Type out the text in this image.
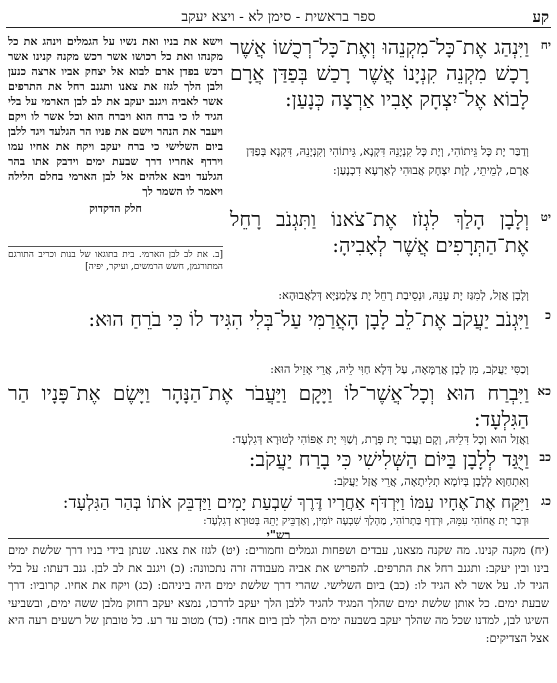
קע
ספר בראשית - סימן לא - ויצא יעקב
וישא את בניו ואת נשיו על הגמלים וינהג את כל מקנהו ואת כל רכושו אשר רכש מקנה קנינו אשר רכש בפדן ארם לבוא אל יצחק אביו ארצה כנען ולבן הלך לגזז את צאנו ותגנב רחל את התרפים אשר לאביה ויגנב יעקב את לב לבן הארמי על בלי הגיד לו כי ברח הוא ויברח הוא וכל אשר לו ויקם ויעבר את הנהר וישם את פניו הר הגלעד ויגד ללבן ביום השלישי כי ברח יעקב ויקח את אחיו עמו וירדף אחריו דרך שבעת ימים וידבק אתו בהר הגלעד ויבא אלהים אל לבן הארמי בחלם הלילה ויאמר לו השמר לך
חלק הדקדוק
[ב. את לב לבן הארמי. בית בתוגאו של בנות וכריב התורגם המתורגמן, חשש הרמשים, ועיקר, יפיה]
יח
וַיִּנְהַג אֶת־כָּל־מִקְנֵהוּ וְאֶת־כָּל־רְכֻשׁוֹ אֲשֶׁר רָכָשׁ מִקְנֵה קִנְיָנוֹ אֲשֶׁר רָכַשׁ בְּפַדַּן אֲרָם לָבוֹא אֶל־יִצְחָק אָבִיו אַרְצָה כְּנָעַן:
וְדַבַּר יָת כָּל גֵּיתוֹהִי, וְיָת כָּל קִנְיָנֵהּ דִּקְנָא, גֵּיתוֹהִי וְקִנְיָנֵהּ, דִּקְנָא בְּפַדַּן אֲרָם, לְמֵיתֵי, לְוָת יִצְחָק אֲבוּהִי לְאַרְעָא דִכְנָעַן:
יט
וְלָבָן הָלַךְ לִגְזֹז אֶת־צֹאנוֹ וַתִּגְנֹב רָחֵל אֶת־הַתְּרָפִים אֲשֶׁר לְאָבִיהָ:
וְלָבָן אֲזַל, לְמִגַּז יָת עָנֵהּ, וּנְסֵיבַת רָחֵל יָת צַלְמַנַּיָּא דְּלַאֲבוּהָא:
כ
וַיִּגְנֹב יַעֲקֹב אֶת־לֵב לָבָן הָאֲרַמִּי עַל־בְּלִי הִגִּיד לוֹ כִּי בֹרֵחַ הוּא:
וְכַסִּי יַעֲקֹב, מִן לָבָן אֲרַמָּאָה, עַל דְּלָא חַוִּי לֵיהּ, אֲרֵי אָזֵיל הוּא:
כא
וַיִּבְרַח הוּא וְכָל־אֲשֶׁר־לוֹ וַיָּקָם וַיַּעֲבֹר אֶת־הַנָּהָר וַיָּשֶׂם אֶת־פָּנָיו הַר הַגִּלְעָד:
וַאֲזַל הוּא וְכָל דִּלֵיהּ, וְקָם וַעֲבַר יָת פְּרָת, וְשַׁוִּי יָת אַפּוֹהִי לְטוּרָא דְּגִלְעָד:
כב
וַיֻּגַּד לְלָבָן בַּיּוֹם הַשְּׁלִישִׁי כִּי בָרַח יַעֲקֹב:
וְאִתְחַוָּא לְלָבָן בְּיוֹמָא תְלִיתָאָה, אֲרֵי אֲזַל יַעֲקֹב:
כג
וַיִּקַּח אֶת־אֶחָיו עִמּוֹ וַיִּרְדֹּף אַחֲרָיו דֶּרֶךְ שִׁבְעַת יָמִים וַיַּדְבֵּק אֹתוֹ בְּהַר הַגִּלְעָד:
וּדְבַר יָת אֲחוֹהִי עִמֵּהּ, וּרְדַף בַּתְרוֹהִי, מַהְלַךְ שִׁבְעָה יוֹמִין, וְאַדְבֵּיק יָתֵהּ בְּטוּרָא דְגִלְעָד:
רש"י
(יח) מקנה קנינו. מה שקנה מצאנו, עבדים ושפחות וגמלים וחמורים: (יט) לגזז את צאנו. שנתן בידי בניו דרך שלשת ימים בינו ובין יעקב: ותגנב רחל את התרפים. להפריש את אביה מעבודה זרה נתכוונה: (כ) ויגנב את לב לבן. גנב דעתו: על בלי הגיד לו. על אשר לא הגיד לו: (כב) ביום השלישי. שהרי דרך שלשת ימים היה ביניהם: (כג) ויקח את אחיו. קרוביו: דרך שבעת ימים. כל אותן שלשת ימים שהלך המגיד להגיד ללבן הלך יעקב לדרכו, נמצא יעקב רחוק מלבן ששה ימים, ובשביעי השיגו לבן, למדנו שכל מה שהלך יעקב בשבעה ימים הלך לבן ביום אחד: (כד) מטוב עד רע. כל טובתן של רשעים רעה היא אצל הצדיקים:
